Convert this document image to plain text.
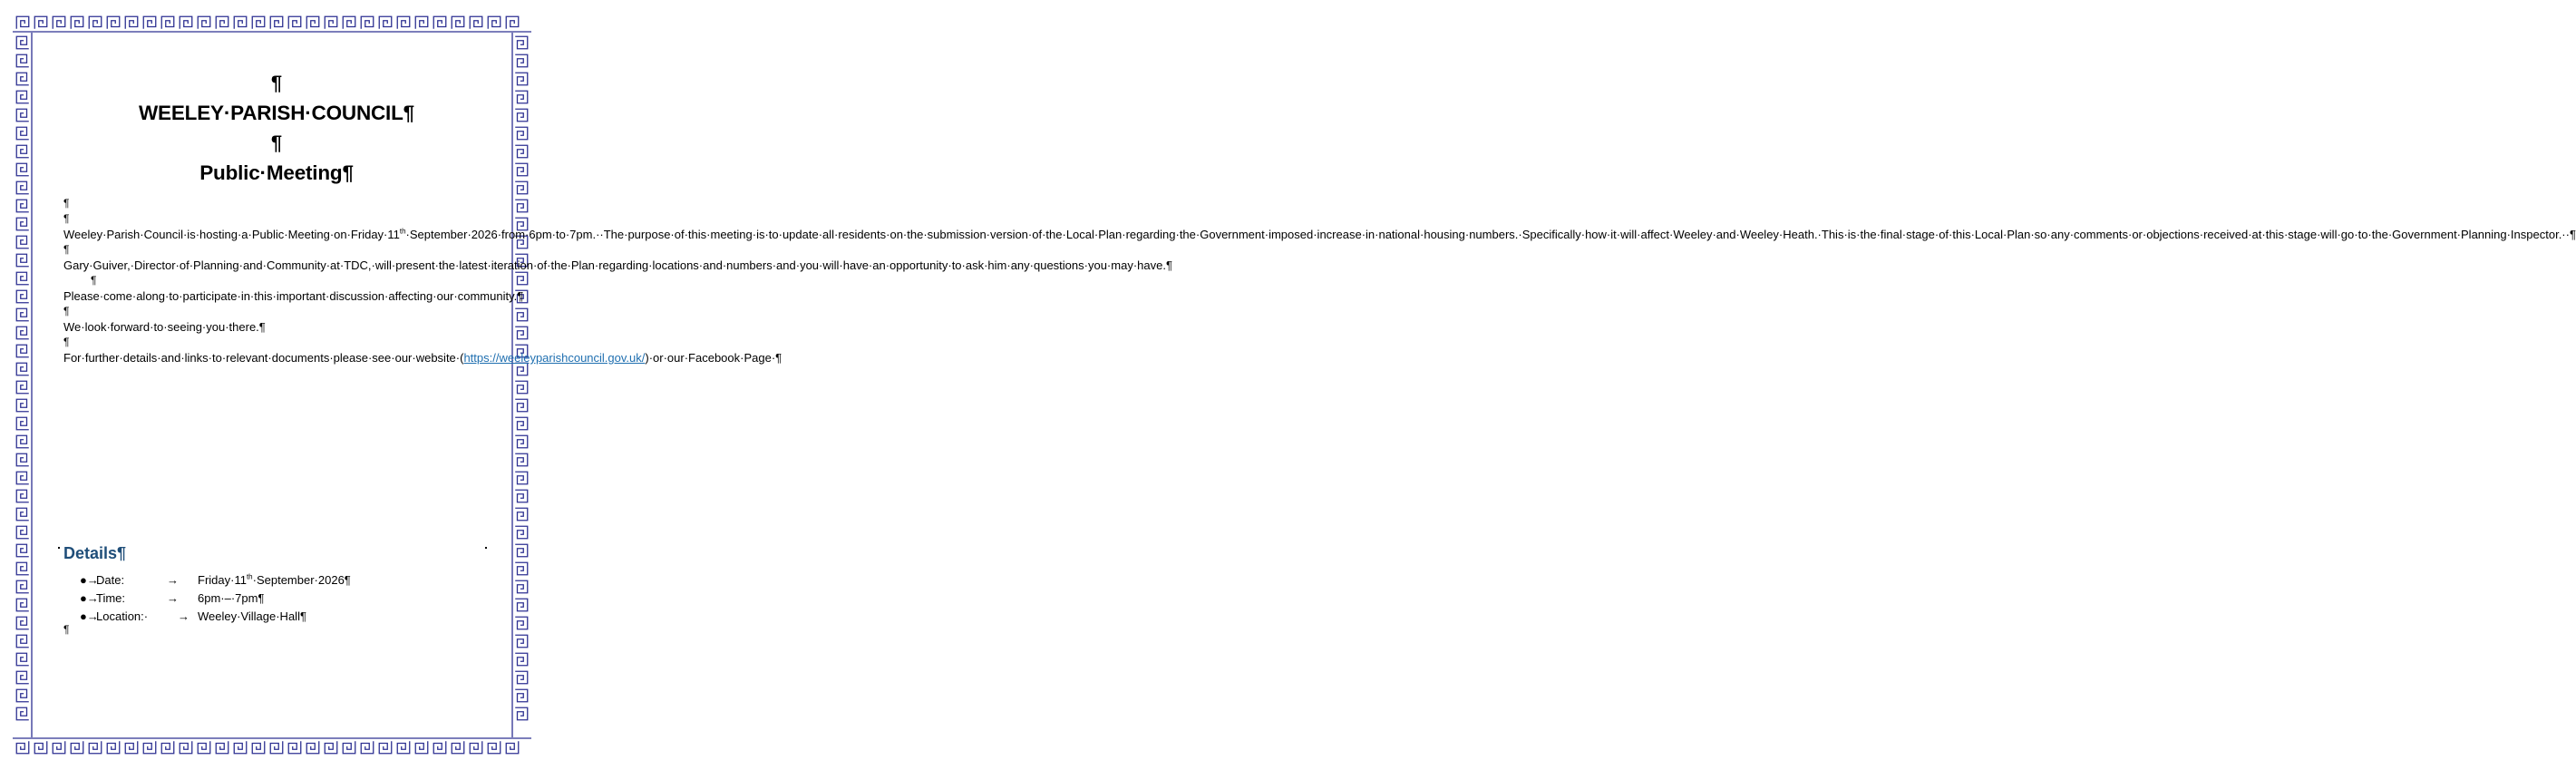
¶
WEELEY·PARISH·COUNCIL¶
¶
Public·Meeting¶
¶
¶
Weeley·Parish·Council·is·hosting·a·Public·Meeting·on·Friday·11th·September·2026·from·6pm·to·7pm.··The·purpose·of·this·meeting·is·to·update·all·residents·on·the·submission·version·of·the·Local·Plan·regarding·the·Government·imposed·increase·in·national·housing·numbers.·Specifically·how·it·will·affect·Weeley·and·Weeley·Heath.·This·is·the·final·stage·of·this·Local·Plan·so·any·comments·or·objections·received·at·this·stage·will·go·to·the·Government·Planning·Inspector.··¶
¶
Gary·Guiver,·Director·of·Planning·and·Community·at·TDC,·will·present·the·latest·iteration·of·the·Plan·regarding·locations·and·numbers·and·you·will·have·an·opportunity·to·ask·him·any·questions·you·may·have.¶
¶
Please·come·along·to·participate·in·this·important·discussion·affecting·our·community.¶
¶
We·look·forward·to·seeing·you·there.¶
¶
For·further·details·and·links·to·relevant·documents·please·see·our·website·(https://weeleyparishcouncil.gov.uk/)·or·our·Facebook·Page·¶
Details¶
●→
Date:	→	Friday·11th·September·2026¶
●→
Time:	→	6pm·–·7pm¶
●→
Location:·	→ Weeley·Village·Hall¶
¶
